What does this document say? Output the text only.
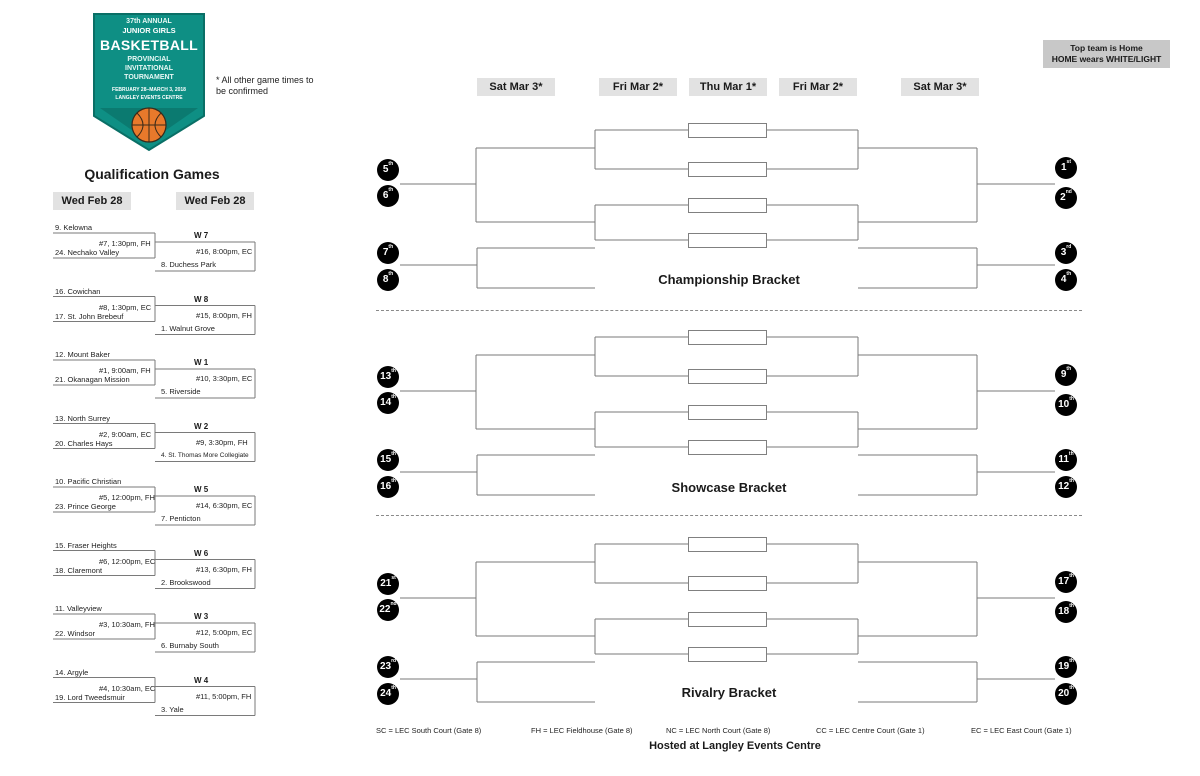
37th ANNUAL
JUNIOR GIRLS
BASKETBALL
PROVINCIAL
INVITATIONAL
TOURNAMENT
FEBRUARY 28–MARCH 3, 2018
LANGLEY EVENTS CENTRE
* All other game times to be confirmed
Top team is Home
HOME wears WHITE/LIGHT
Qualification Games
Wed Feb 28	Wed Feb 28
9. Kelowna
#7, 1:30pm, FH
24. Nechako Valley
W 7
#16, 8:00pm, EC
8. Duchess Park
16. Cowichan
#8, 1:30pm, EC
17. St. John Brebeuf
W 8
#15, 8:00pm, FH
1. Walnut Grove
12. Mount Baker
#1, 9:00am, FH
21. Okanagan Mission
W 1
#10, 3:30pm, EC
5. Riverside
13. North Surrey
#2, 9:00am, EC
20. Charles Hays
W 2
#9, 3:30pm, FH
4. St. Thomas More Collegiate
10. Pacific Christian
#5, 12:00pm, FH
23. Prince George
W 5
#14, 6:30pm, EC
7. Penticton
15. Fraser Heights
#6, 12:00pm, EC
18. Claremont
W 6
#13, 6:30pm, FH
2. Brookswood
11. Valleyview
#3, 10:30am, FH
22. Windsor
W 3
#12, 5:00pm, EC
6. Burnaby South
14. Argyle
#4, 10:30am, EC
19. Lord Tweedsmuir
W 4
#11, 5:00pm, FH
3. Yale
Sat Mar 3*	Fri Mar 2*	Thu Mar 1*	Fri Mar 2*	Sat Mar 3*
5th
6th
7th
8th
1st
2nd
3rd
4th
Championship Bracket
13th
14th
15th
16th
9th
10th
11th
12th
Showcase Bracket
21st
22nd
23rd
24th
17th
18th
19th
20th
Rivalry Bracket
SC = LEC South Court (Gate 8)	FH = LEC Fieldhouse (Gate 8)	NC = LEC North Court (Gate 8)	CC = LEC Centre Court (Gate 1)	EC = LEC East Court (Gate 1)
Hosted at Langley Events Centre
